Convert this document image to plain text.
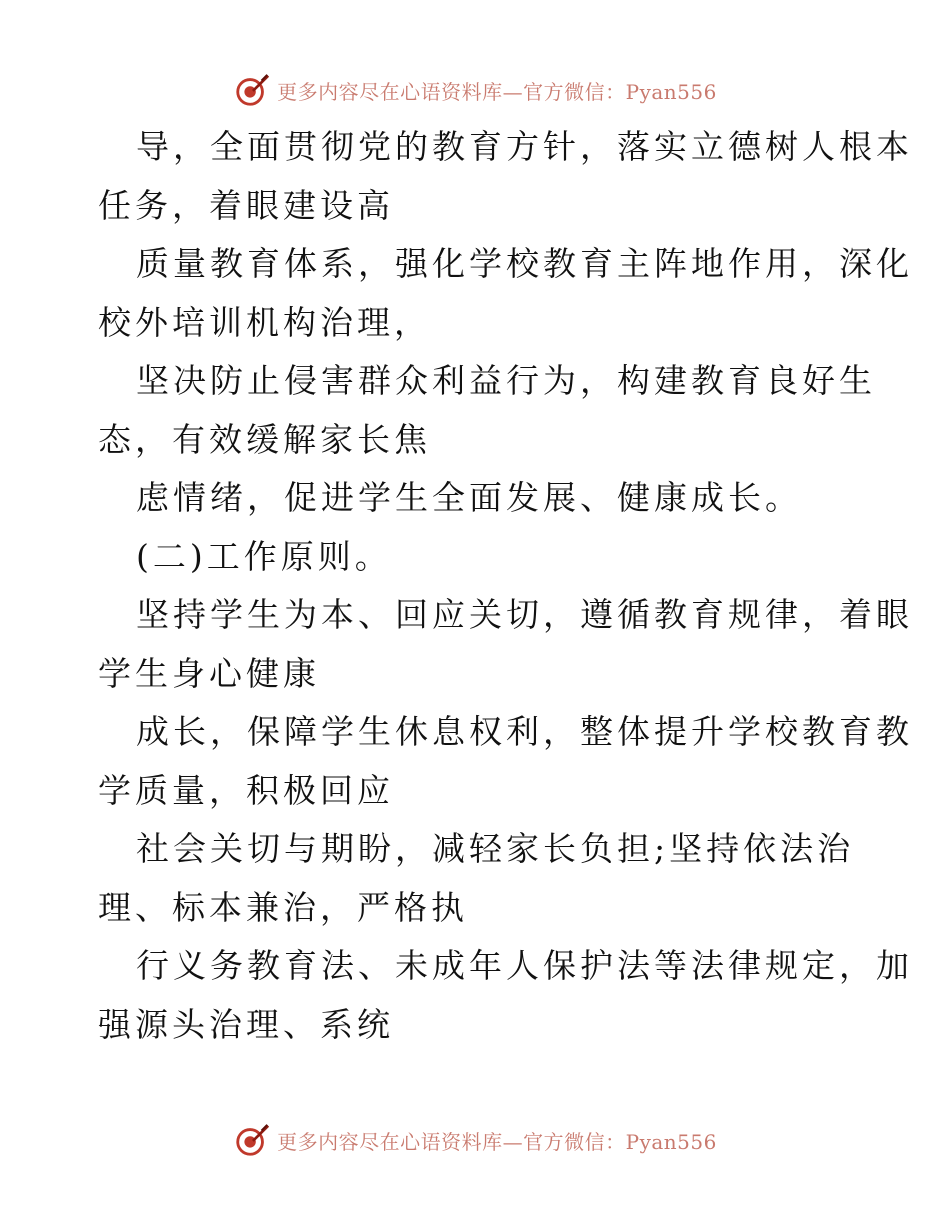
更多内容尽在心语资料库—官方微信：Pyan556
导，全面贯彻党的教育方针，落实立德树人根本
任务，着眼建设高
质量教育体系，强化学校教育主阵地作用，深化
校外培训机构治理，
坚决防止侵害群众利益行为，构建教育良好生
态，有效缓解家长焦
虑情绪，促进学生全面发展、健康成长。
(二)工作原则。
坚持学生为本、回应关切，遵循教育规律，着眼
学生身心健康
成长，保障学生休息权利，整体提升学校教育教
学质量，积极回应
社会关切与期盼，减轻家长负担;坚持依法治
理、标本兼治，严格执
行义务教育法、未成年人保护法等法律规定，加
强源头治理、系统
更多内容尽在心语资料库—官方微信：Pyan556
